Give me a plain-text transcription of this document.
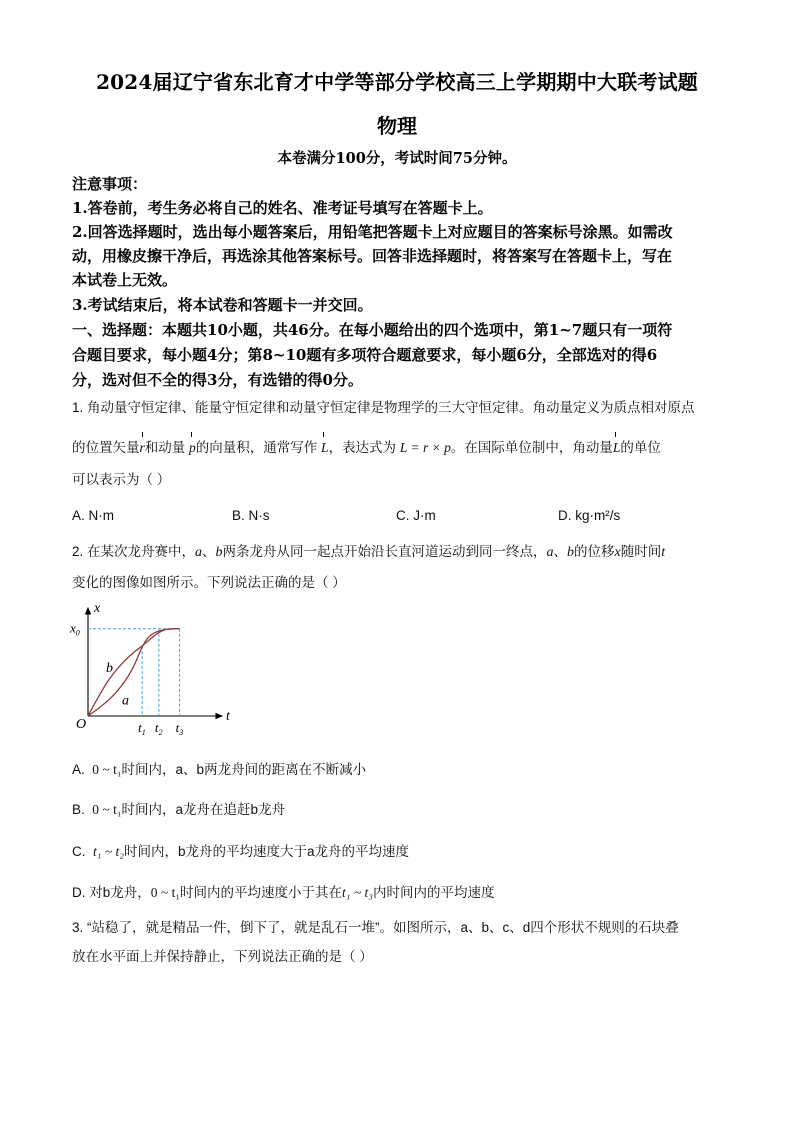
2024届辽宁省东北育才中学等部分学校高三上学期期中大联考试题
物理
本卷满分100分，考试时间75分钟。
注意事项：
1.答卷前，考生务必将自己的姓名、准考证号填写在答题卡上。
2.回答选择题时，选出每小题答案后，用铅笔把答题卡上对应题目的答案标号涂黑。如需改
动，用橡皮擦干净后，再选涂其他答案标号。回答非选择题时，将答案写在答题卡上，写在
本试卷上无效。
3.考试结束后，将本试卷和答题卡一并交回。
一、选择题：本题共10小题，共46分。在每小题给出的四个选项中，第1~7题只有一项符
合题目要求，每小题4分；第8~10题有多项符合题意要求，每小题6分，全部选对的得6
分，选对但不全的得3分，有选错的得0分。
1. 角动量守恒定律、能量守恒定律和动量守恒定律是物理学的三大守恒定律。角动量定义为质点相对原点
的位置矢量r和动量 p的向量积，通常写作 L，表达式为 L = r × p。在国际单位制中，角动量L的单位
可以表示为（ ）
A. N·m	B. N·s	C. J·m	D. kg·m²/s
2. 在某次龙舟赛中，a、b两条龙舟从同一起点开始沿长直河道运动到同一终点，a、b的位移x随时间t
变化的图像如图所示。下列说法正确的是（ ）
t
x
O
$x_0$
$t_1$ $t_2$ $t_3$
b
a
A. 0 ~ t₁时间内，a、b两龙舟间的距离在不断减小
B. 0 ~ t₁时间内，a龙舟在追赶b龙舟
C. t₁ ~ t₂时间内，b龙舟的平均速度大于a龙舟的平均速度
D. 对b龙舟，0 ~ t₁时间内的平均速度小于其在t₁ ~ t₃内时间内的平均速度
3. “站稳了，就是精品一件，倒下了，就是乱石一堆”。如图所示，a、b、c、d四个形状不规则的石块叠
放在水平面上并保持静止，下列说法正确的是（ ）
